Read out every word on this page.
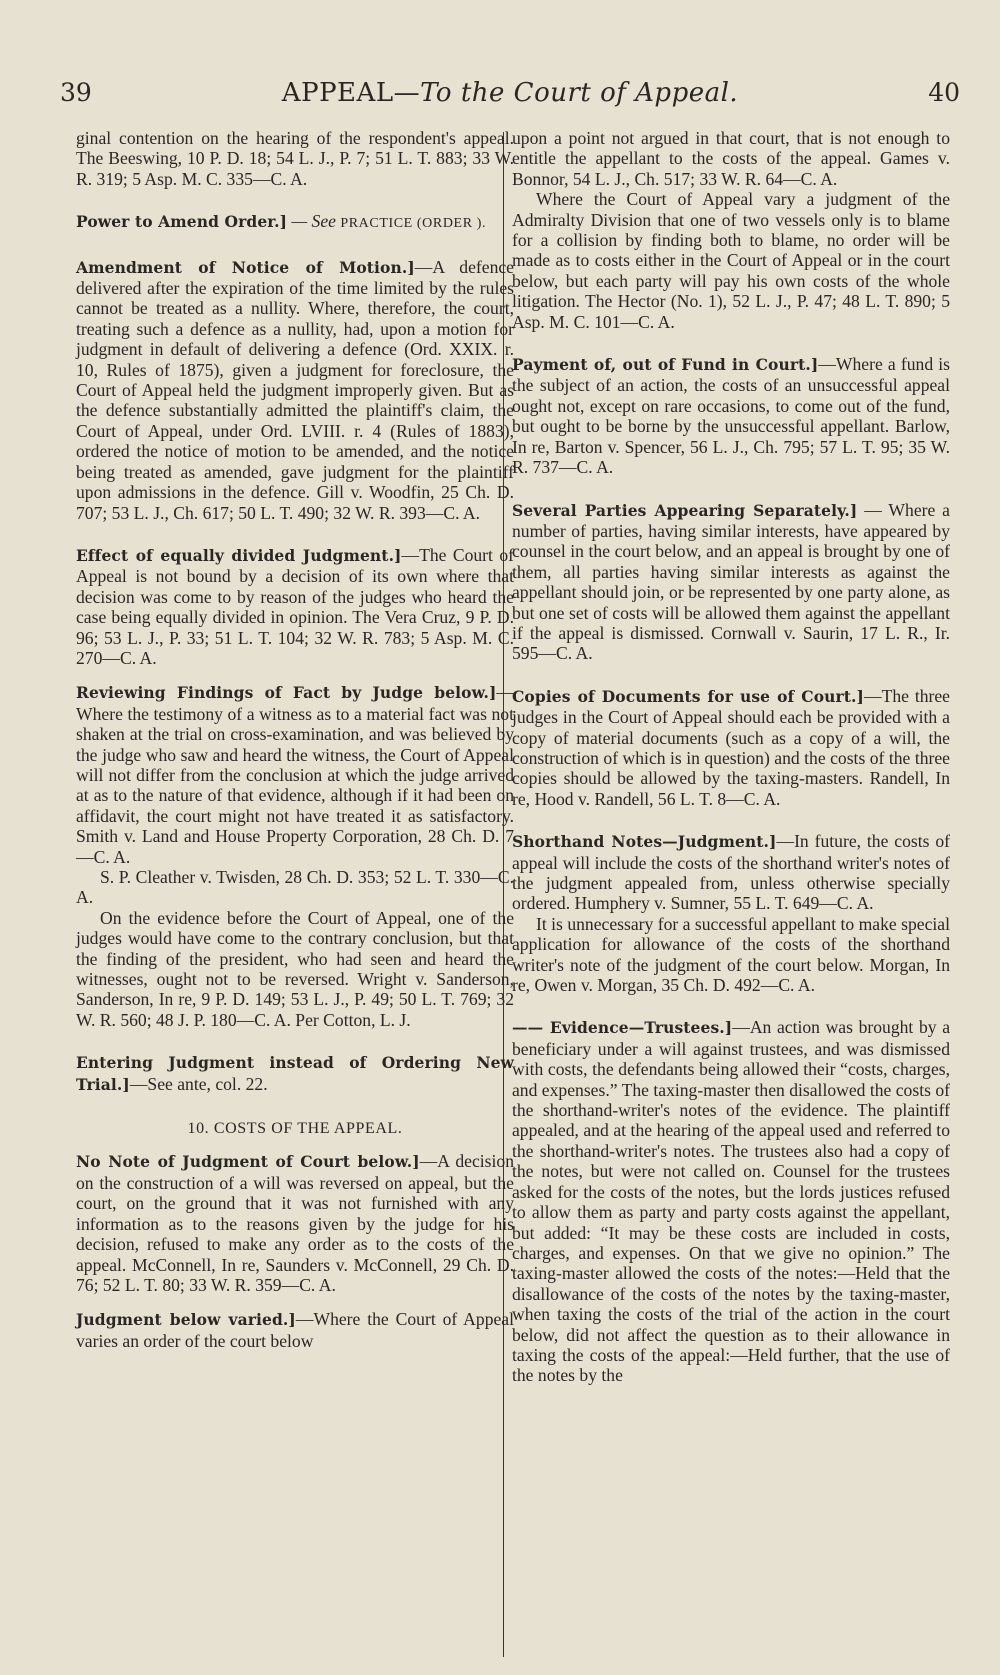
39	APPEAL—To the Court of Appeal.	40

ginal contention on the hearing of the respondent's appeal. The Beeswing, 10 P. D. 18; 54 L. J., P. 7; 51 L. T. 883; 33 W. R. 319; 5 Asp. M. C. 335—C. A.

Power to Amend Order.] — See PRACTICE (ORDER ).

Amendment of Notice of Motion.]—A defence delivered after the expiration of the time limited by the rules cannot be treated as a nullity. Where, therefore, the court, treating such a defence as a nullity, had, upon a motion for judgment in default of delivering a defence (Ord. XXIX. r. 10, Rules of 1875), given a judgment for foreclosure, the Court of Appeal held the judgment improperly given. But as the defence substantially admitted the plaintiff's claim, the Court of Appeal, under Ord. LVIII. r. 4 (Rules of 1883), ordered the notice of motion to be amended, and the notice being treated as amended, gave judgment for the plaintiff upon admissions in the defence. Gill v. Woodfin, 25 Ch. D. 707; 53 L. J., Ch. 617; 50 L. T. 490; 32 W. R. 393—C. A.

Effect of equally divided Judgment.]—The Court of Appeal is not bound by a decision of its own where that decision was come to by reason of the judges who heard the case being equally divided in opinion. The Vera Cruz, 9 P. D. 96; 53 L. J., P. 33; 51 L. T. 104; 32 W. R. 783; 5 Asp. M. C. 270—C. A.

Reviewing Findings of Fact by Judge below.]—Where the testimony of a witness as to a material fact was not shaken at the trial on cross-examination, and was believed by the judge who saw and heard the witness, the Court of Appeal will not differ from the conclusion at which the judge arrived at as to the nature of that evidence, although if it had been on affidavit, the court might not have treated it as satisfactory. Smith v. Land and House Property Corporation, 28 Ch. D. 7—C. A.

S. P. Cleather v. Twisden, 28 Ch. D. 353; 52 L. T. 330—C. A.

On the evidence before the Court of Appeal, one of the judges would have come to the contrary conclusion, but that the finding of the president, who had seen and heard the witnesses, ought not to be reversed. Wright v. Sanderson, Sanderson, In re, 9 P. D. 149; 53 L. J., P. 49; 50 L. T. 769; 32 W. R. 560; 48 J. P. 180—C. A. Per Cotton, L. J.

Entering Judgment instead of Ordering New Trial.]—See ante, col. 22.

10. COSTS OF THE APPEAL.

No Note of Judgment of Court below.]—A decision on the construction of a will was reversed on appeal, but the court, on the ground that it was not furnished with any information as to the reasons given by the judge for his decision, refused to make any order as to the costs of the appeal. McConnell, In re, Saunders v. McConnell, 29 Ch. D. 76; 52 L. T. 80; 33 W. R. 359—C. A.

Judgment below varied.]—Where the Court of Appeal varies an order of the court below

upon a point not argued in that court, that is not enough to entitle the appellant to the costs of the appeal. Games v. Bonnor, 54 L. J., Ch. 517; 33 W. R. 64—C. A.

Where the Court of Appeal vary a judgment of the Admiralty Division that one of two vessels only is to blame for a collision by finding both to blame, no order will be made as to costs either in the Court of Appeal or in the court below, but each party will pay his own costs of the whole litigation. The Hector (No. 1), 52 L. J., P. 47; 48 L. T. 890; 5 Asp. M. C. 101—C. A.

Payment of, out of Fund in Court.]—Where a fund is the subject of an action, the costs of an unsuccessful appeal ought not, except on rare occasions, to come out of the fund, but ought to be borne by the unsuccessful appellant. Barlow, In re, Barton v. Spencer, 56 L. J., Ch. 795; 57 L. T. 95; 35 W. R. 737—C. A.

Several Parties Appearing Separately.] — Where a number of parties, having similar interests, have appeared by counsel in the court below, and an appeal is brought by one of them, all parties having similar interests as against the appellant should join, or be represented by one party alone, as but one set of costs will be allowed them against the appellant if the appeal is dismissed. Cornwall v. Saurin, 17 L. R., Ir. 595—C. A.

Copies of Documents for use of Court.]—The three judges in the Court of Appeal should each be provided with a copy of material documents (such as a copy of a will, the construction of which is in question) and the costs of the three copies should be allowed by the taxing-masters. Randell, In re, Hood v. Randell, 56 L. T. 8—C. A.

Shorthand Notes—Judgment.]—In future, the costs of appeal will include the costs of the shorthand writer's notes of the judgment appealed from, unless otherwise specially ordered. Humphery v. Sumner, 55 L. T. 649—C. A.

It is unnecessary for a successful appellant to make special application for allowance of the costs of the shorthand writer's note of the judgment of the court below. Morgan, In re, Owen v. Morgan, 35 Ch. D. 492—C. A.

—— Evidence—Trustees.]—An action was brought by a beneficiary under a will against trustees, and was dismissed with costs, the defendants being allowed their “costs, charges, and expenses.” The taxing-master then disallowed the costs of the shorthand-writer's notes of the evidence. The plaintiff appealed, and at the hearing of the appeal used and referred to the shorthand-writer's notes. The trustees also had a copy of the notes, but were not called on. Counsel for the trustees asked for the costs of the notes, but the lords justices refused to allow them as party and party costs against the appellant, but added: “It may be these costs are included in costs, charges, and expenses. On that we give no opinion.” The taxing-master allowed the costs of the notes:—Held that the disallowance of the costs of the notes by the taxing-master, when taxing the costs of the trial of the action in the court below, did not affect the question as to their allowance in taxing the costs of the appeal:—Held further, that the use of the notes by the
